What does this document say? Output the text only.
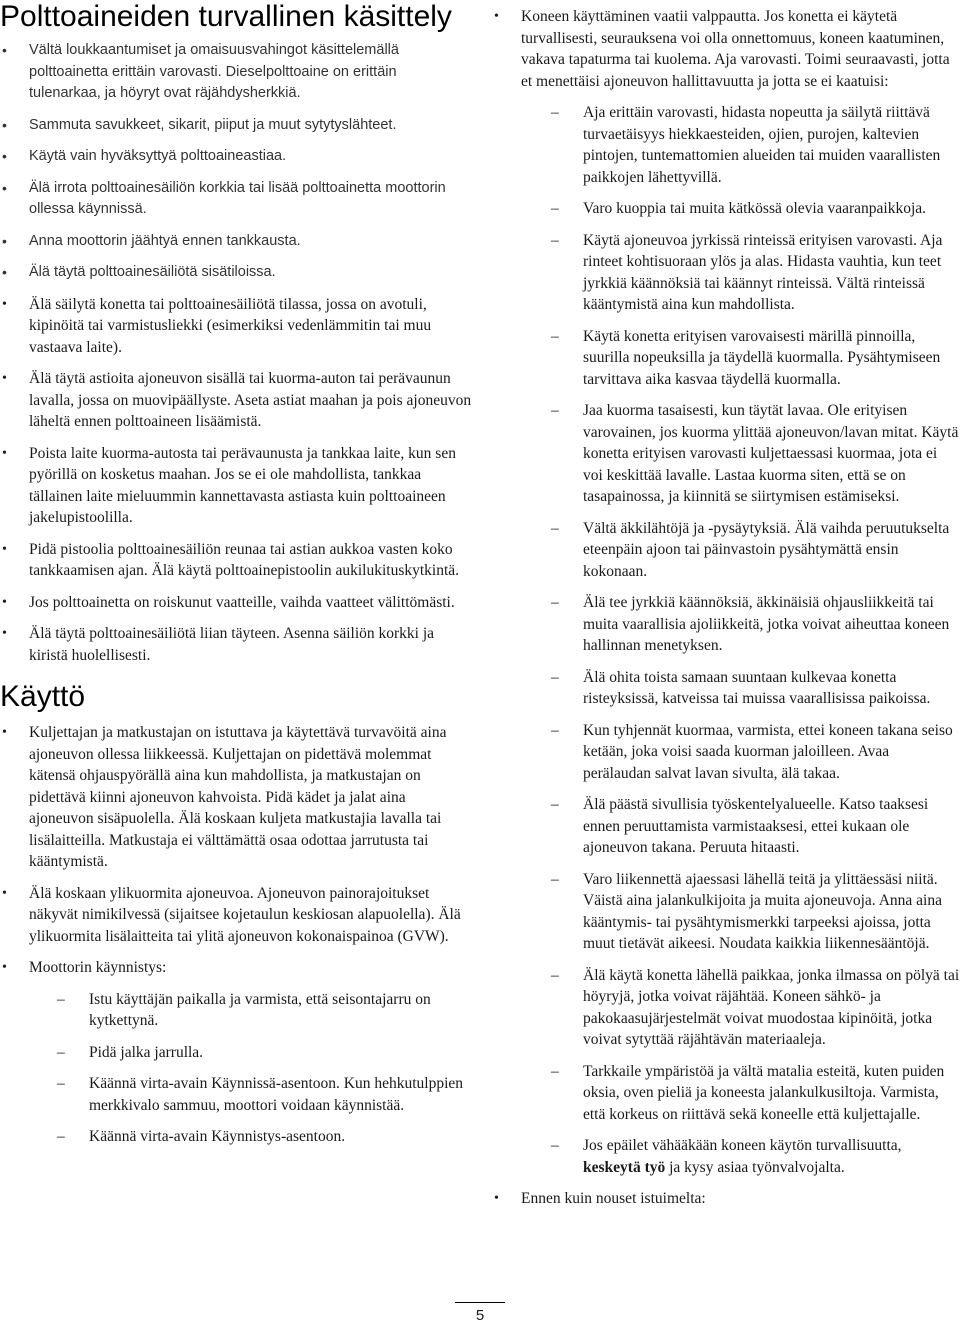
Polttoaineiden turvallinen käsittely
• Vältä loukkaantumiset ja omaisuusvahingot käsittelemällä polttoainetta erittäin varovasti. Dieselpolttoaine on erittäin tulenarkaa, ja höyryt ovat räjähdysherkkiä.
• Sammuta savukkeet, sikarit, piiput ja muut sytytyslähteet.
• Käytä vain hyväksyttyä polttoaineastiaa.
• Älä irrota polttoainesäiliön korkkia tai lisää polttoainetta moottorin ollessa käynnissä.
• Anna moottorin jäähtyä ennen tankkausta.
• Älä täytä polttoainesäiliötä sisätiloissa.
• Älä säilytä konetta tai polttoainesäiliötä tilassa, jossa on avotuli, kipinöitä tai varmistusliekki (esimerkiksi vedenlämmitin tai muu vastaava laite).
• Älä täytä astioita ajoneuvon sisällä tai kuorma-auton tai perävaunun lavalla, jossa on muovipäällyste. Aseta astiat maahan ja pois ajoneuvon läheltä ennen polttoaineen lisäämistä.
• Poista laite kuorma-autosta tai perävaunusta ja tankkaa laite, kun sen pyörillä on kosketus maahan. Jos se ei ole mahdollista, tankkaa tällainen laite mieluummin kannettavasta astiasta kuin polttoaineen jakelupistoolilla.
• Pidä pistoolia polttoainesäiliön reunaa tai astian aukkoa vasten koko tankkaamisen ajan. Älä käytä polttoainepistoolin aukilukituskytkintä.
• Jos polttoainetta on roiskunut vaatteille, vaihda vaatteet välittömästi.
• Älä täytä polttoainesäiliötä liian täyteen. Asenna säiliön korkki ja kiristä huolellisesti.
Käyttö
• Kuljettajan ja matkustajan on istuttava ja käytettävä turvavöitä aina ajoneuvon ollessa liikkeessä. Kuljettajan on pidettävä molemmat kätensä ohjauspyörällä aina kun mahdollista, ja matkustajan on pidettävä kiinni ajoneuvon kahvoista. Pidä kädet ja jalat aina ajoneuvon sisäpuolella. Älä koskaan kuljeta matkustajia lavalla tai lisälaitteilla. Matkustaja ei välttämättä osaa odottaa jarrutusta tai kääntymistä.
• Älä koskaan ylikuormita ajoneuvoa. Ajoneuvon painorajoitukset näkyvät nimikilvessä (sijaitsee kojetaulun keskiosan alapuolella). Älä ylikuormita lisälaitteita tai ylitä ajoneuvon kokonaispainoa (GVW).
• Moottorin käynnistys:
– Istu käyttäjän paikalla ja varmista, että seisontajarru on kytkettynä.
– Pidä jalka jarrulla.
– Käännä virta-avain Käynnissä-asentoon. Kun hehkutulppien merkkivalo sammuu, moottori voidaan käynnistää.
– Käännä virta-avain Käynnistys-asentoon.
• Koneen käyttäminen vaatii valppautta. Jos konetta ei käytetä turvallisesti, seurauksena voi olla onnettomuus, koneen kaatuminen, vakava tapaturma tai kuolema. Aja varovasti. Toimi seuraavasti, jotta et menettäisi ajoneuvon hallittavuutta ja jotta se ei kaatuisi:
– Aja erittäin varovasti, hidasta nopeutta ja säilytä riittävä turvaetäisyys hiekkaesteiden, ojien, purojen, kaltevien pintojen, tuntemattomien alueiden tai muiden vaarallisten paikkojen lähettyvillä.
– Varo kuoppia tai muita kätkössä olevia vaaranpaikkoja.
– Käytä ajoneuvoa jyrkissä rinteissä erityisen varovasti. Aja rinteet kohtisuoraan ylös ja alas. Hidasta vauhtia, kun teet jyrkkiä käännöksiä tai käännyt rinteissä. Vältä rinteissä kääntymistä aina kun mahdollista.
– Käytä konetta erityisen varovaisesti märillä pinnoilla, suurilla nopeuksilla ja täydellä kuormalla. Pysähtymiseen tarvittava aika kasvaa täydellä kuormalla.
– Jaa kuorma tasaisesti, kun täytät lavaa. Ole erityisen varovainen, jos kuorma ylittää ajoneuvon/lavan mitat. Käytä konetta erityisen varovasti kuljettaessasi kuormaa, jota ei voi keskittää lavalle. Lastaa kuorma siten, että se on tasapainossa, ja kiinnitä se siirtymisen estämiseksi.
– Vältä äkkilähtöjä ja -pysäytyksiä. Älä vaihda peruutukselta eteenpäin ajoon tai päinvastoin pysähtymättä ensin kokonaan.
– Älä tee jyrkkiä käännöksiä, äkkinäisiä ohjausliikkeitä tai muita vaarallisia ajoliikkeitä, jotka voivat aiheuttaa koneen hallinnan menetyksen.
– Älä ohita toista samaan suuntaan kulkevaa konetta risteyksissä, katveissa tai muissa vaarallisissa paikoissa.
– Kun tyhjennät kuormaa, varmista, ettei koneen takana seiso ketään, joka voisi saada kuorman jaloilleen. Avaa perälaudan salvat lavan sivulta, älä takaa.
– Älä päästä sivullisia työskentelyalueelle. Katso taaksesi ennen peruuttamista varmistaaksesi, ettei kukaan ole ajoneuvon takana. Peruuta hitaasti.
– Varo liikennettä ajaessasi lähellä teitä ja ylittäessäsi niitä. Väistä aina jalankulkijoita ja muita ajoneuvoja. Anna aina kääntymis- tai pysähtymismerkki tarpeeksi ajoissa, jotta muut tietävät aikeesi. Noudata kaikkia liikennesääntöjä.
– Älä käytä konetta lähellä paikkaa, jonka ilmassa on pölyä tai höyryjä, jotka voivat räjähtää. Koneen sähkö- ja pakokaasujärjestelmät voivat muodostaa kipinöitä, jotka voivat sytyttää räjähtävän materiaaleja.
– Tarkkaile ympäristöä ja vältä matalia esteitä, kuten puiden oksia, oven pieliä ja koneesta jalankulkusiltoja. Varmista, että korkeus on riittävä sekä koneelle että kuljettajalle.
– Jos epäilet vähääkään koneen käytön turvallisuutta, keskeytä työ ja kysy asiaa työnvalvojalta.
• Ennen kuin nouset istuimelta:
5
